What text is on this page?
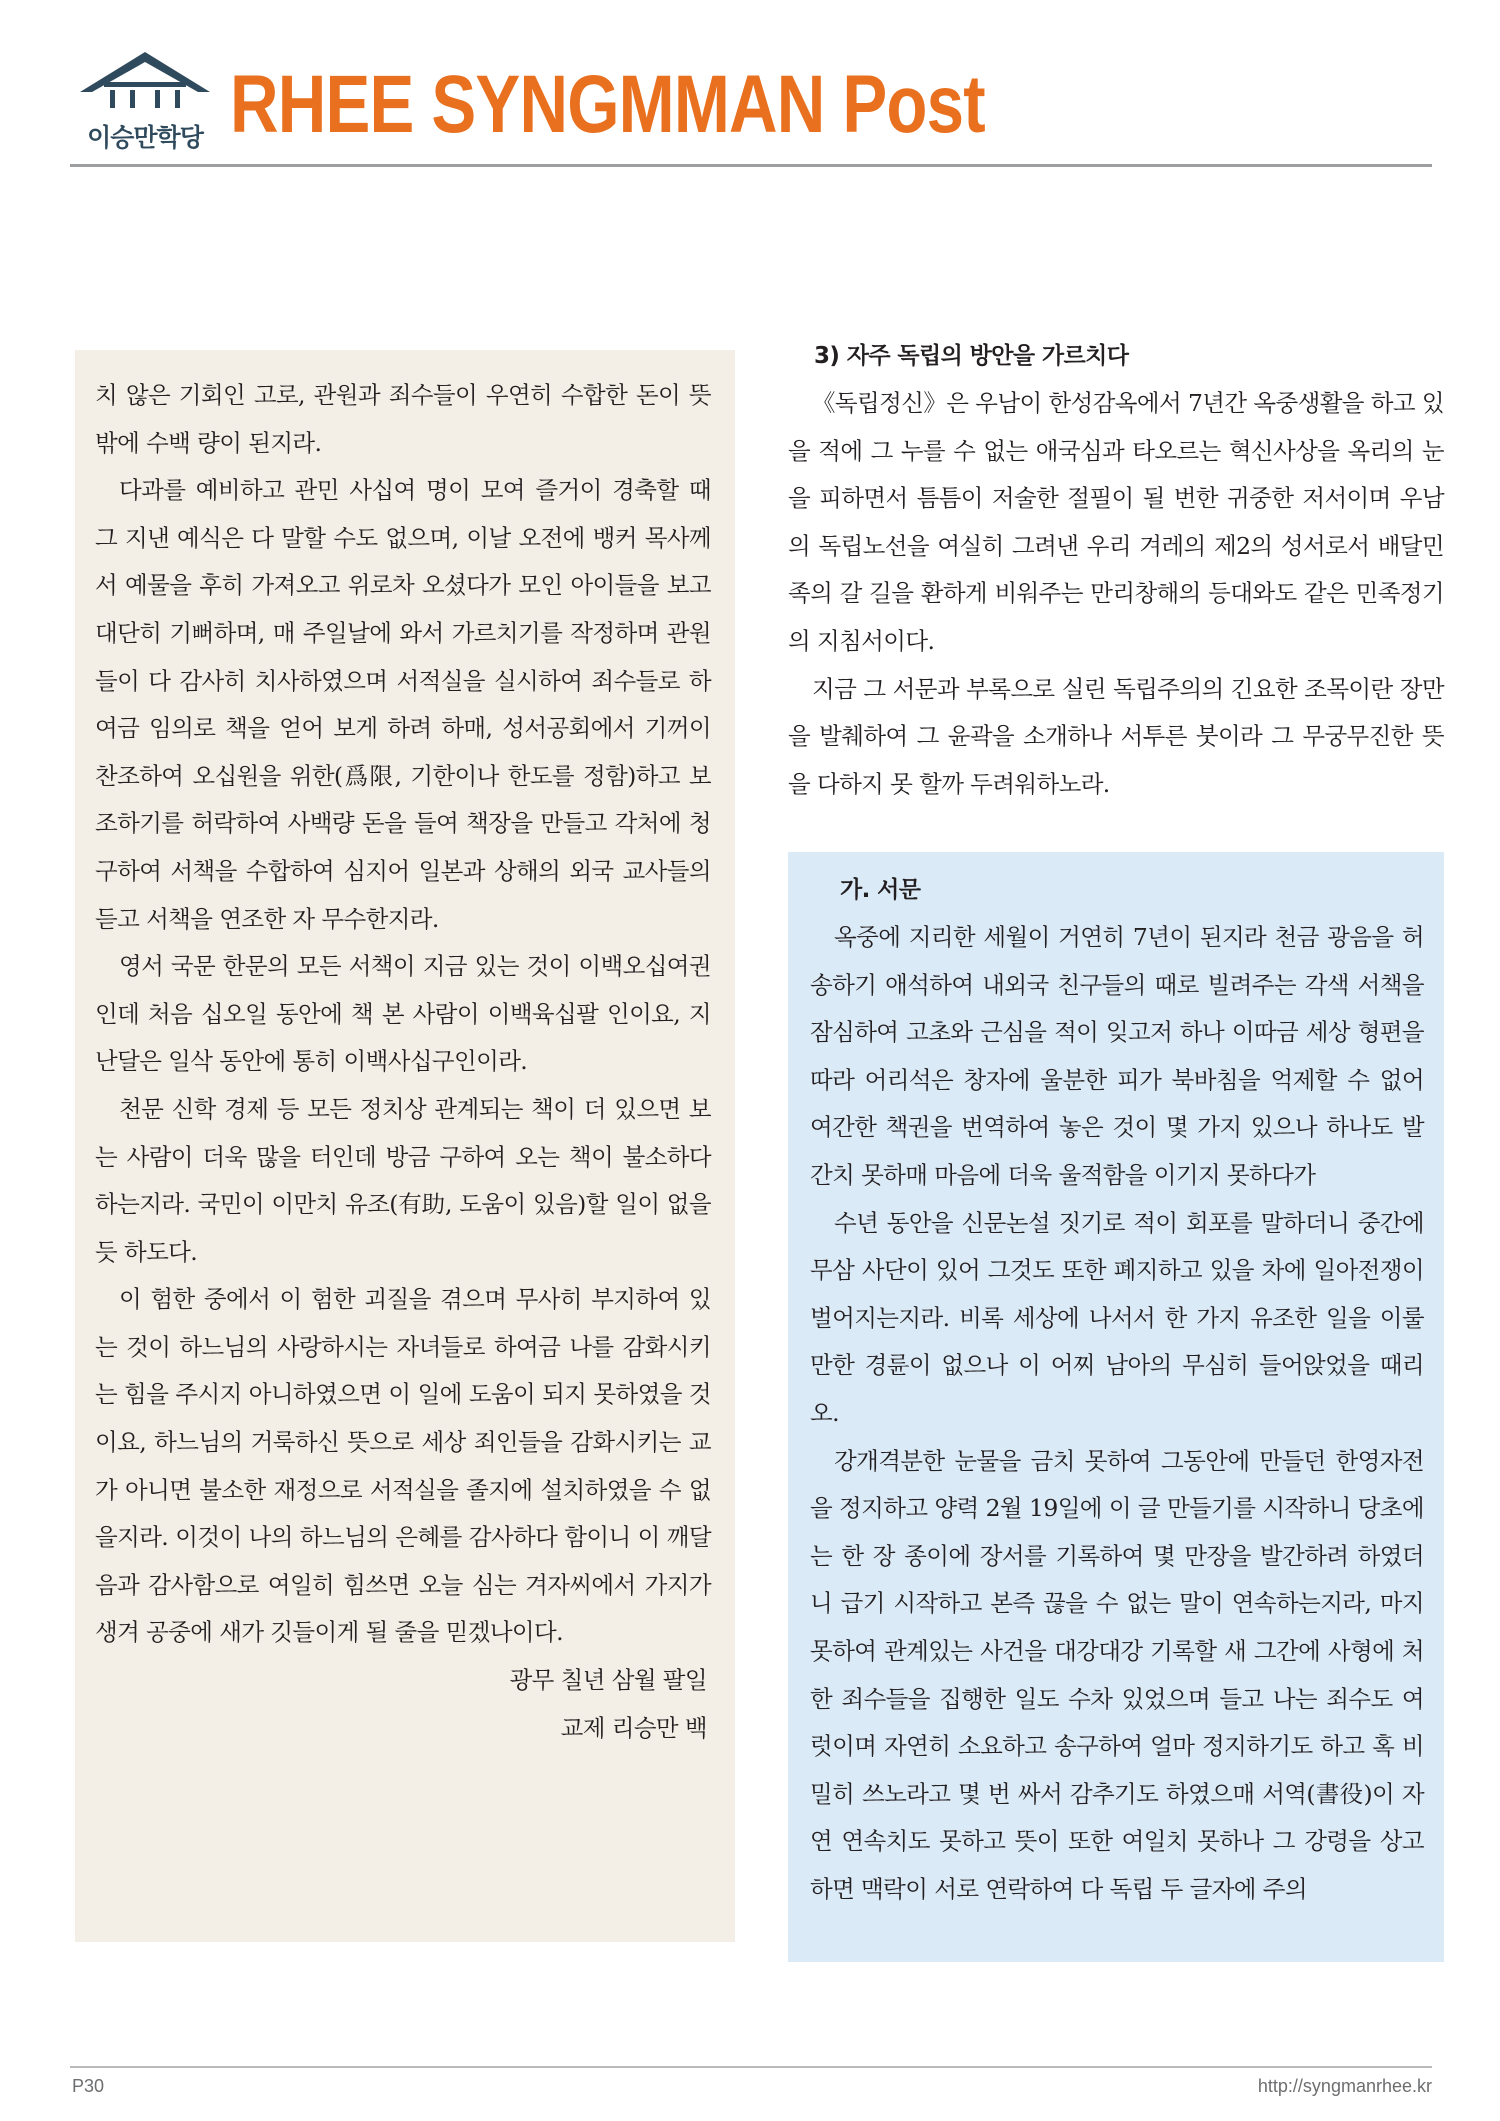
이승만학당 RHEE SYNGMMAN Post

치 않은 기회인 고로, 관원과 죄수들이 우연히 수합한 돈이 뜻밖에 수백 량이 된지라.

다과를 예비하고 관민 사십여 명이 모여 즐거이 경축할 때 그 지낸 예식은 다 말할 수도 없으며, 이날 오전에 뱅커 목사께서 예물을 후히 가져오고 위로차 오셨다가 모인 아이들을 보고 대단히 기뻐하며, 매 주일날에 와서 가르치기를 작정하며 관원들이 다 감사히 치사하였으며 서적실을 실시하여 죄수들로 하여금 임의로 책을 얻어 보게 하려 하매, 성서공회에서 기꺼이 찬조하여 오십원을 위한(爲限, 기한이나 한도를 정함)하고 보조하기를 허락하여 사백량 돈을 들여 책장을 만들고 각처에 청구하여 서책을 수합하여 심지어 일본과 상해의 외국 교사들의 듣고 서책을 연조한 자 무수한지라.

영서 국문 한문의 모든 서책이 지금 있는 것이 이백오십여권인데 처음 십오일 동안에 책 본 사람이 이백육십팔 인이요, 지난달은 일삭 동안에 통히 이백사십구인이라.

천문 신학 경제 등 모든 정치상 관계되는 책이 더 있으면 보는 사람이 더욱 많을 터인데 방금 구하여 오는 책이 불소하다 하는지라. 국민이 이만치 유조(有助, 도움이 있음)할 일이 없을 듯 하도다.

이 험한 중에서 이 험한 괴질을 겪으며 무사히 부지하여 있는 것이 하느님의 사랑하시는 자녀들로 하여금 나를 감화시키는 힘을 주시지 아니하였으면 이 일에 도움이 되지 못하였을 것이요, 하느님의 거룩하신 뜻으로 세상 죄인들을 감화시키는 교가 아니면 불소한 재정으로 서적실을 졸지에 설치하였을 수 없을지라. 이것이 나의 하느님의 은혜를 감사하다 함이니 이 깨달음과 감사함으로 여일히 힘쓰면 오늘 심는 겨자씨에서 가지가 생겨 공중에 새가 깃들이게 될 줄을 믿겠나이다.

광무 칠년 삼월 팔일

교제 리승만 백

3) 자주 독립의 방안을 가르치다

《독립정신》은 우남이 한성감옥에서 7년간 옥중생활을 하고 있을 적에 그 누를 수 없는 애국심과 타오르는 혁신사상을 옥리의 눈을 피하면서 틈틈이 저술한 절필이 될 번한 귀중한 저서이며 우남의 독립노선을 여실히 그려낸 우리 겨레의 제2의 성서로서 배달민족의 갈 길을 환하게 비워주는 만리창해의 등대와도 같은 민족정기의 지침서이다.

지금 그 서문과 부록으로 실린 독립주의의 긴요한 조목이란 장만을 발췌하여 그 윤곽을 소개하나 서투른 붓이라 그 무궁무진한 뜻을 다하지 못 할까 두려워하노라.

가. 서문

옥중에 지리한 세월이 거연히 7년이 된지라 천금 광음을 허송하기 애석하여 내외국 친구들의 때로 빌려주는 각색 서책을 잠심하여 고초와 근심을 적이 잊고저 하나 이따금 세상 형편을 따라 어리석은 창자에 울분한 피가 북바침을 억제할 수 없어 여간한 책권을 번역하여 놓은 것이 몇 가지 있으나 하나도 발간치 못하매 마음에 더욱 울적함을 이기지 못하다가

수년 동안을 신문논설 짓기로 적이 회포를 말하더니 중간에 무삼 사단이 있어 그것도 또한 폐지하고 있을 차에 일아전쟁이 벌어지는지라. 비록 세상에 나서서 한 가지 유조한 일을 이룰만한 경륜이 없으나 이 어찌 남아의 무심히 들어앉었을 때리오.

강개격분한 눈물을 금치 못하여 그동안에 만들던 한영자전을 정지하고 양력 2월 19일에 이 글 만들기를 시작하니 당초에는 한 장 종이에 장서를 기록하여 몇 만장을 발간하려 하였더니 급기 시작하고 본즉 끊을 수 없는 말이 연속하는지라, 마지못하여 관계있는 사건을 대강대강 기록할 새 그간에 사형에 처한 죄수들을 집행한 일도 수차 있었으며 들고 나는 죄수도 여럿이며 자연히 소요하고 송구하여 얼마 정지하기도 하고 혹 비밀히 쓰노라고 몇 번 싸서 감추기도 하였으매 서역(書役)이 자연 연속치도 못하고 뜻이 또한 여일치 못하나 그 강령을 상고하면 맥락이 서로 연락하여 다 독립 두 글자에 주의

P30	http://syngmanrhee.kr
